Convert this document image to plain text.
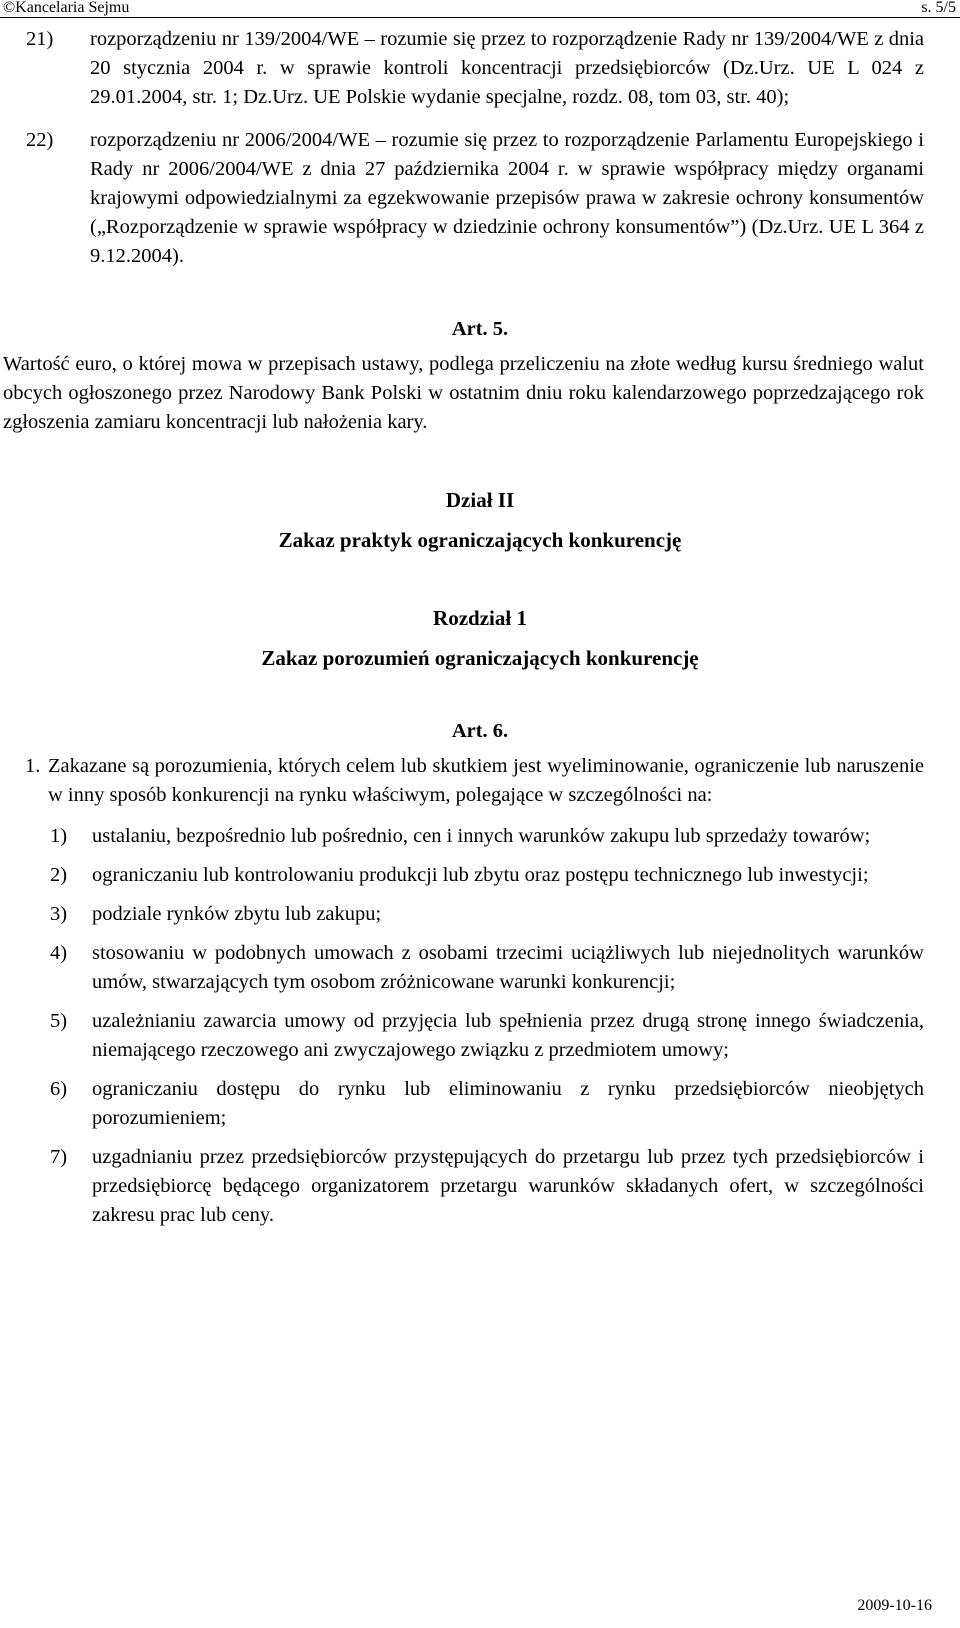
©Kancelaria Sejmu	s. 5/5
21) rozporządzeniu nr 139/2004/WE – rozumie się przez to rozporządzenie Rady nr 139/2004/WE z dnia 20 stycznia 2004 r. w sprawie kontroli koncentracji przedsiębiorców (Dz.Urz. UE L 024 z 29.01.2004, str. 1; Dz.Urz. UE Polskie wydanie specjalne, rozdz. 08, tom 03, str. 40);
22) rozporządzeniu nr 2006/2004/WE – rozumie się przez to rozporządzenie Parlamentu Europejskiego i Rady nr 2006/2004/WE z dnia 27 października 2004 r. w sprawie współpracy między organami krajowymi odpowiedzialnymi za egzekwowanie przepisów prawa w zakresie ochrony konsumentów („Rozporządzenie w sprawie współpracy w dziedzinie ochrony konsumentów”) (Dz.Urz. UE L 364 z 9.12.2004).
Art. 5.
Wartość euro, o której mowa w przepisach ustawy, podlega przeliczeniu na złote według kursu średniego walut obcych ogłoszonego przez Narodowy Bank Polski w ostatnim dniu roku kalendarzowego poprzedzającego rok zgłoszenia zamiaru koncentracji lub nałożenia kary.
Dział II
Zakaz praktyk ograniczających konkurencję
Rozdział 1
Zakaz porozumień ograniczających konkurencję
Art. 6.
1. Zakazane są porozumienia, których celem lub skutkiem jest wyeliminowanie, ograniczenie lub naruszenie w inny sposób konkurencji na rynku właściwym, polegające w szczególności na:
1) ustalaniu, bezpośrednio lub pośrednio, cen i innych warunków zakupu lub sprzedaży towarów;
2) ograniczaniu lub kontrolowaniu produkcji lub zbytu oraz postępu technicznego lub inwestycji;
3) podziale rynków zbytu lub zakupu;
4) stosowaniu w podobnych umowach z osobami trzecimi uciążliwych lub niejednolitych warunków umów, stwarzających tym osobom zróżnicowane warunki konkurencji;
5) uzależnianiu zawarcia umowy od przyjęcia lub spełnienia przez drugą stronę innego świadczenia, niemającego rzeczowego ani zwyczajowego związku z przedmiotem umowy;
6) ograniczaniu dostępu do rynku lub eliminowaniu z rynku przedsiębiorców nieobjętych porozumieniem;
7) uzgadnianiu przez przedsiębiorców przystępujących do przetargu lub przez tych przedsiębiorców i przedsiębiorcę będącego organizatorem przetargu warunków składanych ofert, w szczególności zakresu prac lub ceny.
2009-10-16
